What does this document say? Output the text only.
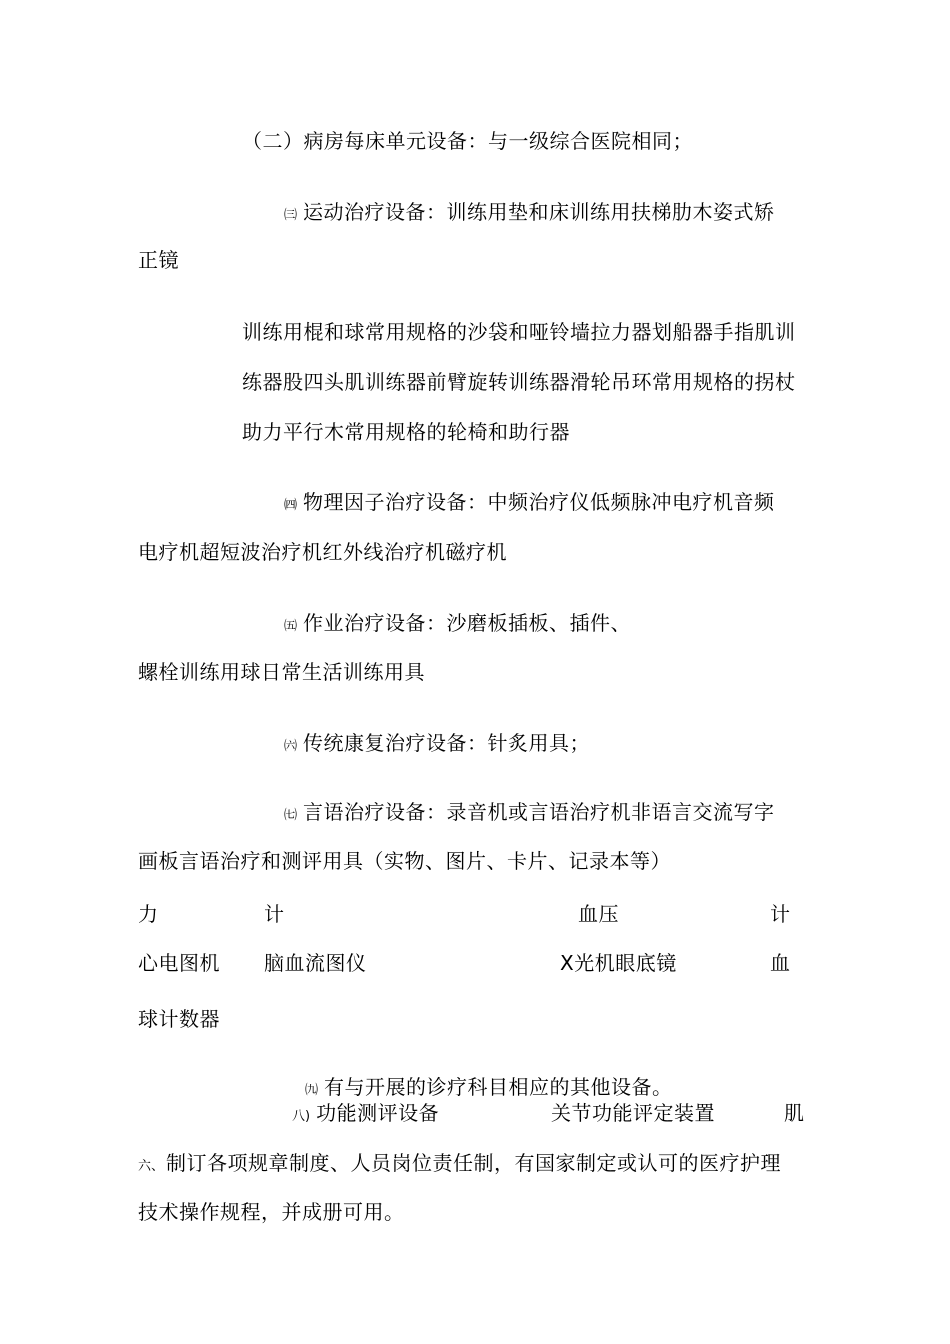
（二）病房每床单元设备：与一级综合医院相同；
㈢ 运动治疗设备：训练用垫和床训练用扶梯肋木姿式矫
正镜
训练用棍和球常用规格的沙袋和哑铃墙拉力器划船器手指肌训
练器股四头肌训练器前臂旋转训练器滑轮吊环常用规格的拐杖
助力平行木常用规格的轮椅和助行器
㈣ 物理因子治疗设备：中频治疗仪低频脉冲电疗机音频
电疗机超短波治疗机红外线治疗机磁疗机
㈤ 作业治疗设备：沙磨板插板、插件、
螺栓训练用球日常生活训练用具
㈥ 传统康复治疗设备：针炙用具；
㈦ 言语治疗设备：录音机或言语治疗机非语言交流写字
画板言语治疗和测评用具（实物、图片、卡片、记录本等）
力	计	血压	计
心电图机 脑血流图仪	X光机眼底镜	血
球计数器
㈨ 有与开展的诊疗科目相应的其他设备。
八) 功能测评设备	关节功能评定装置	肌
六、 制订各项规章制度、人员岗位责任制，有国家制定或认可的医疗护理
技术操作规程，并成册可用。
